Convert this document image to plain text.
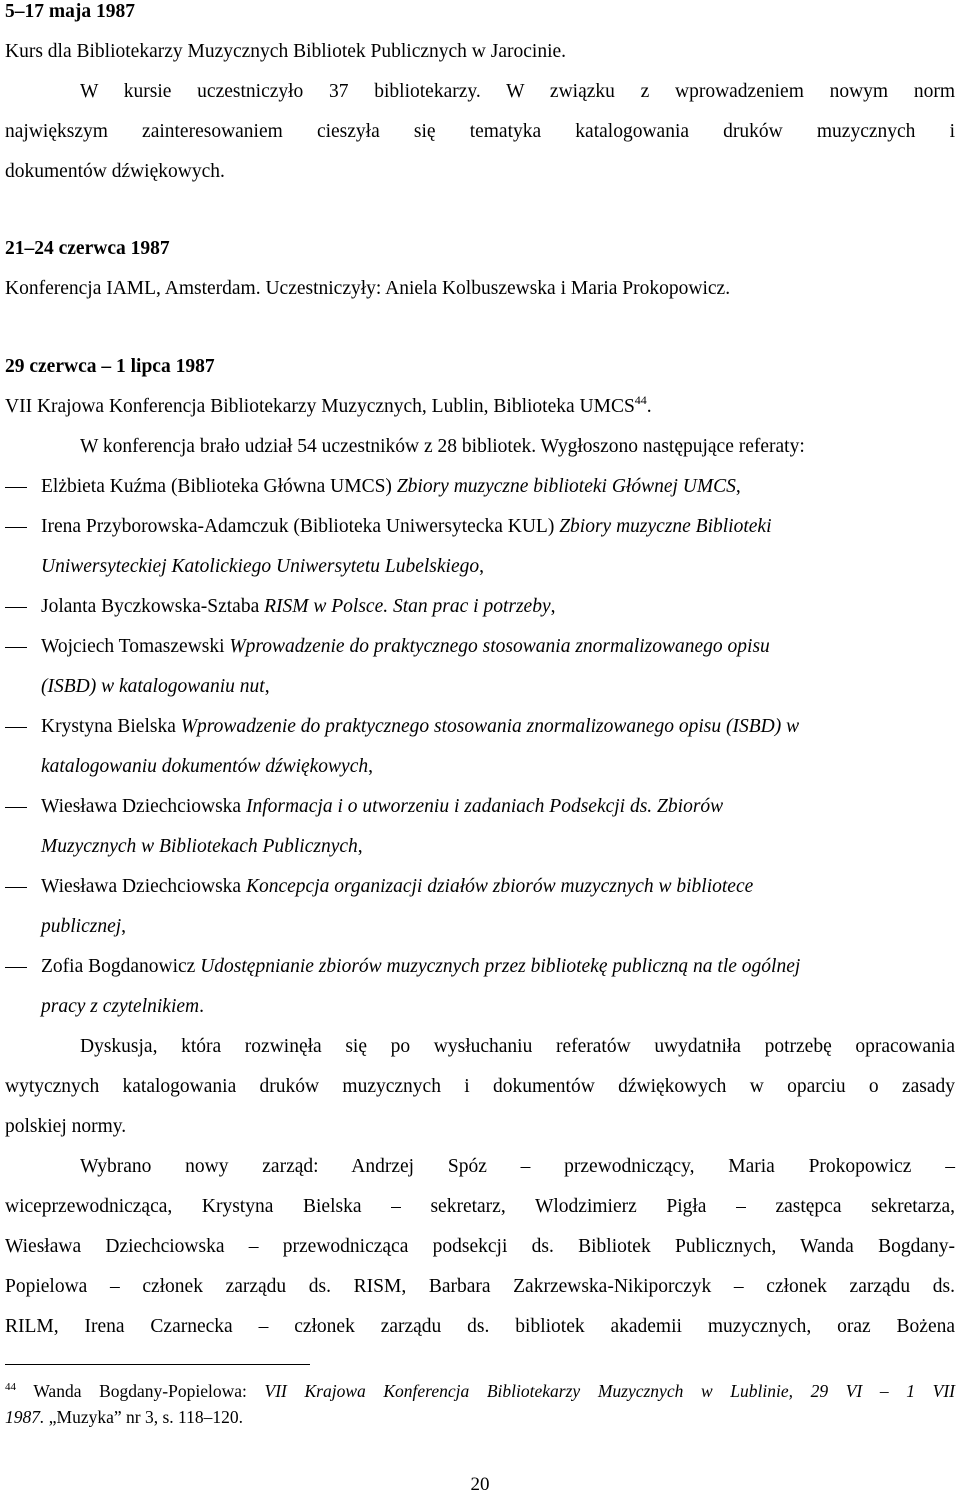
5–17 maja 1987
Kurs dla Bibliotekarzy Muzycznych Bibliotek Publicznych w Jarocinie.
W kursie uczestniczyło 37 bibliotekarzy. W związku z wprowadzeniem nowym norm
największym zainteresowaniem cieszyła się tematyka katalogowania druków muzycznych i
dokumentów dźwiękowych.
21–24 czerwca 1987
Konferencja IAML, Amsterdam. Uczestniczyły: Aniela Kolbuszewska i Maria Prokopowicz.
29 czerwca – 1 lipca 1987
VII Krajowa Konferencja Bibliotekarzy Muzycznych, Lublin, Biblioteka UMCS$^{44}$.
W konferencja brało udział 54 uczestników z 28 bibliotek. Wygłoszono następujące referaty:
Elżbieta Kuźma (Biblioteka Główna UMCS) Zbiory muzyczne biblioteki Głównej UMCS,
Irena Przyborowska-Adamczuk (Biblioteka Uniwersytecka KUL) Zbiory muzyczne Biblioteki
Uniwersyteckiej Katolickiego Uniwersytetu Lubelskiego,
Jolanta Byczkowska-Sztaba RISM w Polsce. Stan prac i potrzeby,
Wojciech Tomaszewski Wprowadzenie do praktycznego stosowania znormalizowanego opisu
(ISBD) w katalogowaniu nut,
Krystyna Bielska Wprowadzenie do praktycznego stosowania znormalizowanego opisu (ISBD) w
katalogowaniu dokumentów dźwiękowych,
Wiesława Dziechciowska Informacja i o utworzeniu i zadaniach Podsekcji ds. Zbiorów
Muzycznych w Bibliotekach Publicznych,
Wiesława Dziechciowska Koncepcja organizacji działów zbiorów muzycznych w bibliotece
publicznej,
Zofia Bogdanowicz Udostępnianie zbiorów muzycznych przez bibliotekę publiczną na tle ogólnej
pracy z czytelnikiem.
Dyskusja, która rozwinęła się po wysłuchaniu referatów uwydatniła potrzebę opracowania
wytycznych katalogowania druków muzycznych i dokumentów dźwiękowych w oparciu o zasady
polskiej normy.
Wybrano nowy zarząd: Andrzej Spóz – przewodniczący, Maria Prokopowicz –
wiceprzewodnicząca, Krystyna Bielska – sekretarz, Wlodzimierz Pigła – zastępca sekretarza,
Wiesława Dziechciowska – przewodnicząca podsekcji ds. Bibliotek Publicznych, Wanda Bogdany-
Popielowa – członek zarządu ds. RISM, Barbara Zakrzewska-Nikiporczyk – członek zarządu ds.
RILM, Irena Czarnecka – członek zarządu ds. bibliotek akademii muzycznych, oraz Bożena
$^{44}$ Wanda Bogdany-Popielowa: VII Krajowa Konferencja Bibliotekarzy Muzycznych w Lublinie, 29 VI – 1 VII
1987. „Muzyka” nr 3, s. 118–120.
20
